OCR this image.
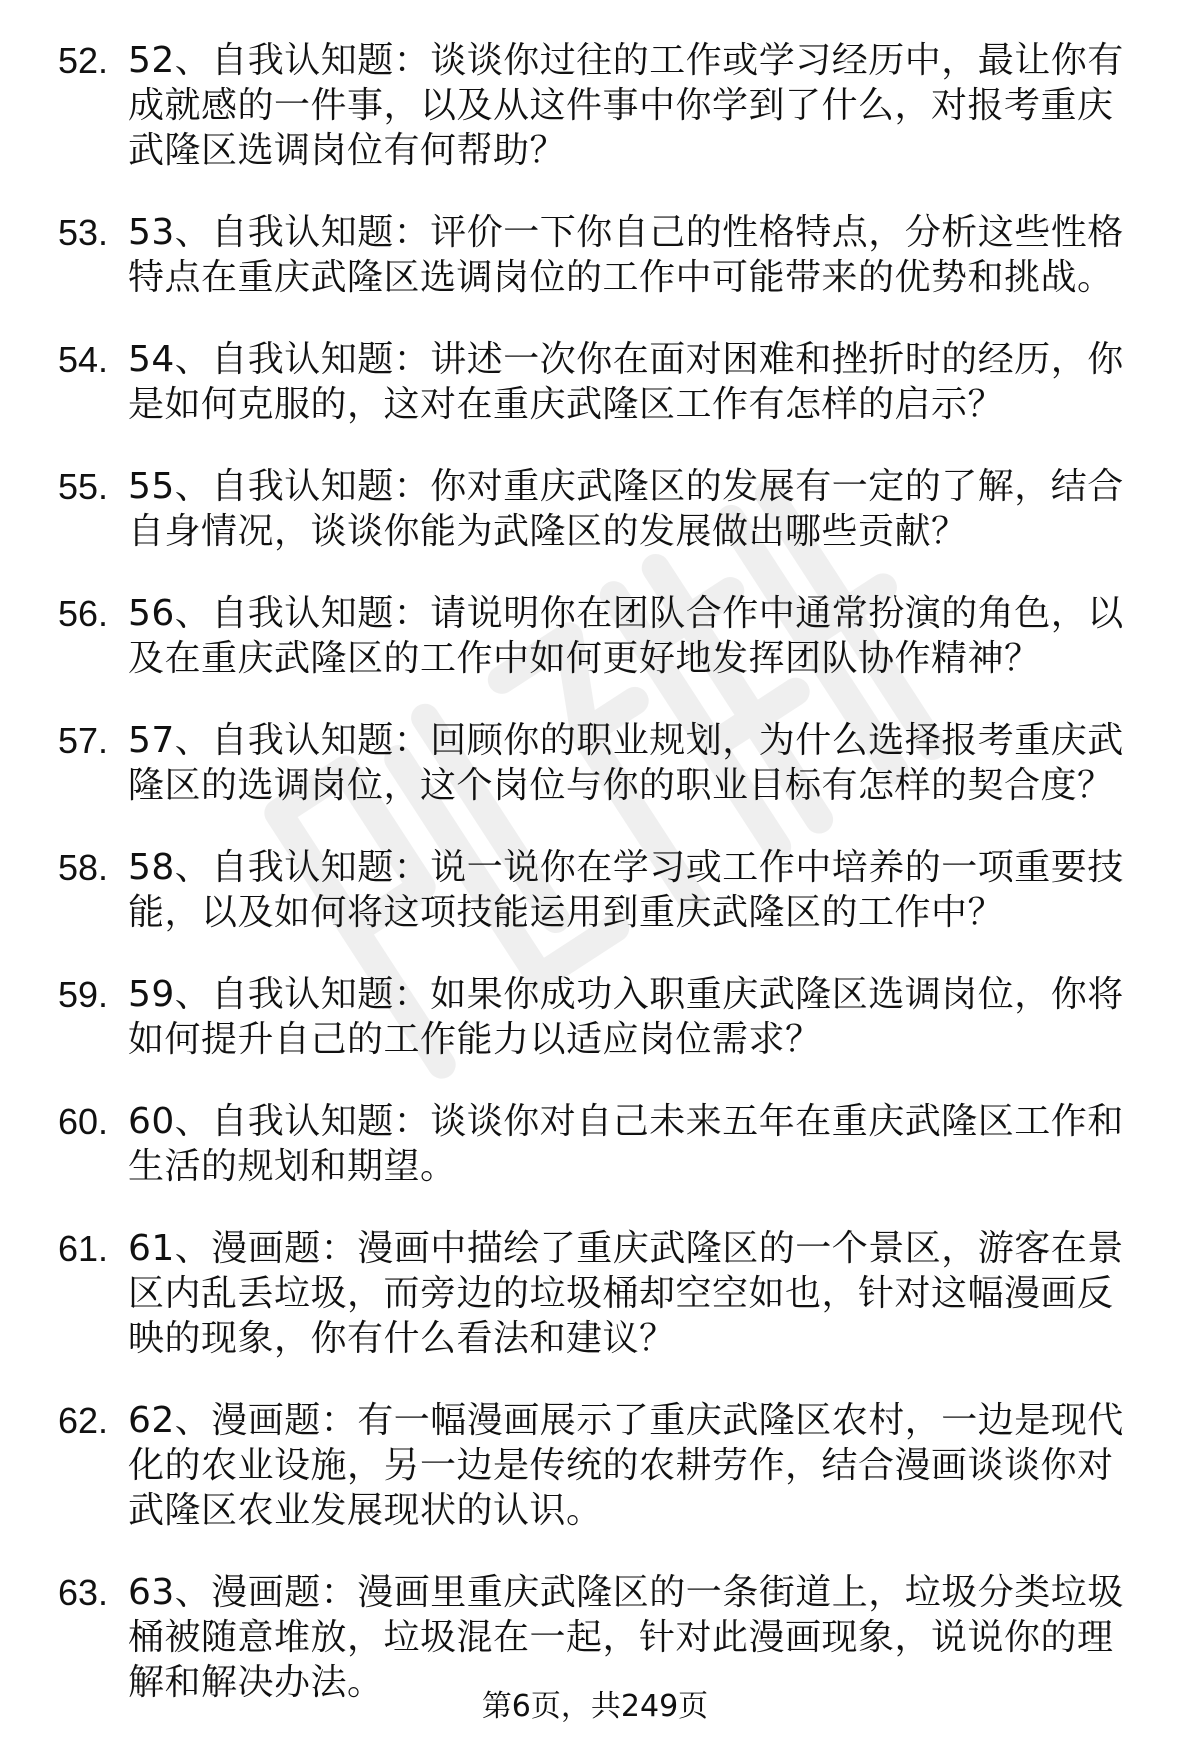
52. 52、自我认知题：谈谈你过往的工作或学习经历中，最让你有成就感的一件事，以及从这件事中你学到了什么，对报考重庆武隆区选调岗位有何帮助？
53. 53、自我认知题：评价一下你自己的性格特点，分析这些性格特点在重庆武隆区选调岗位的工作中可能带来的优势和挑战。
54. 54、自我认知题：讲述一次你在面对困难和挫折时的经历，你是如何克服的，这对在重庆武隆区工作有怎样的启示？
55. 55、自我认知题：你对重庆武隆区的发展有一定的了解，结合自身情况，谈谈你能为武隆区的发展做出哪些贡献？
56. 56、自我认知题：请说明你在团队合作中通常扮演的角色，以及在重庆武隆区的工作中如何更好地发挥团队协作精神？
57. 57、自我认知题：回顾你的职业规划，为什么选择报考重庆武隆区的选调岗位，这个岗位与你的职业目标有怎样的契合度？
58. 58、自我认知题：说一说你在学习或工作中培养的一项重要技能，以及如何将这项技能运用到重庆武隆区的工作中？
59. 59、自我认知题：如果你成功入职重庆武隆区选调岗位，你将如何提升自己的工作能力以适应岗位需求？
60. 60、自我认知题：谈谈你对自己未来五年在重庆武隆区工作和生活的规划和期望。
61. 61、漫画题：漫画中描绘了重庆武隆区的一个景区，游客在景区内乱丢垃圾，而旁边的垃圾桶却空空如也，针对这幅漫画反映的现象，你有什么看法和建议？
62. 62、漫画题：有一幅漫画展示了重庆武隆区农村，一边是现代化的农业设施，另一边是传统的农耕劳作，结合漫画谈谈你对武隆区农业发展现状的认识。
63. 63、漫画题：漫画里重庆武隆区的一条街道上，垃圾分类垃圾桶被随意堆放，垃圾混在一起，针对此漫画现象，说说你的理解和解决办法。
第6页，共249页
